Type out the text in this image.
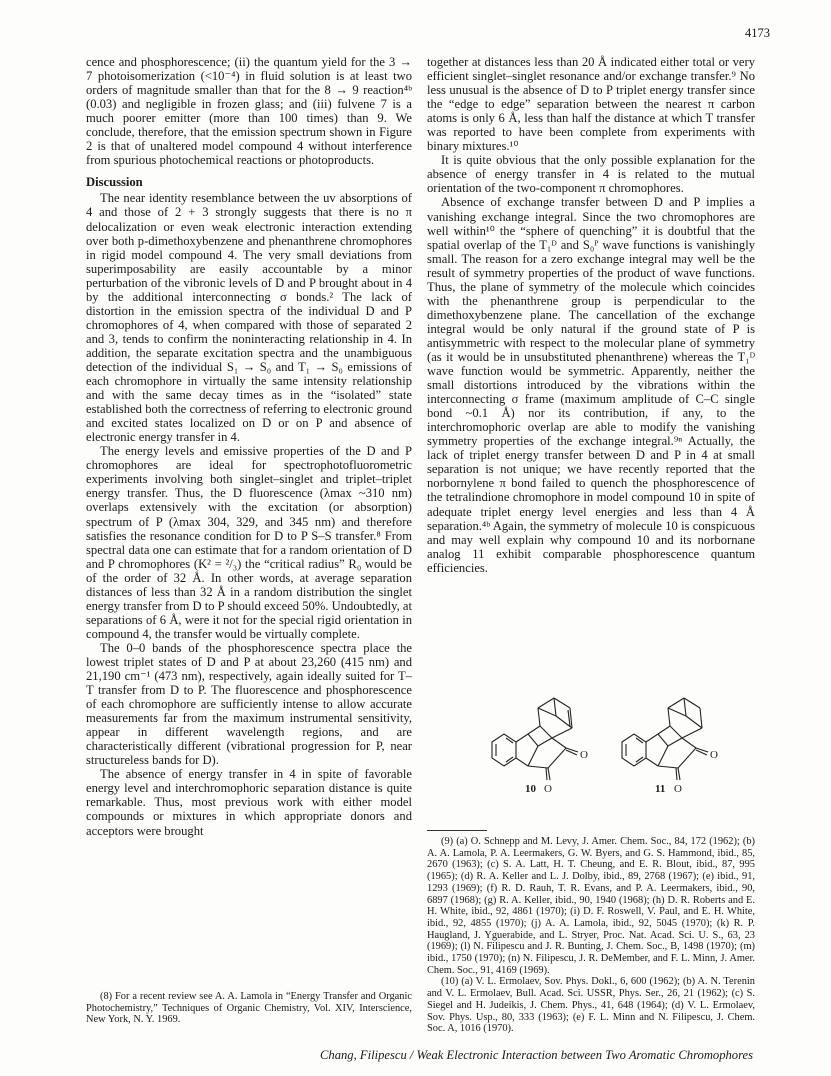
4173

cence and phosphorescence; (ii) the quantum yield for the 3 → 7 photoisomerization (<10⁻⁴) in fluid solution is at least two orders of magnitude smaller than that for the 8 → 9 reaction⁴ᵇ (0.03) and negligible in frozen glass; and (iii) fulvene 7 is a much poorer emitter (more than 100 times) than 9. We conclude, therefore, that the emission spectrum shown in Figure 2 is that of unaltered model compound 4 without interference from spurious photochemical reactions or photoproducts.

Discussion

The near identity resemblance between the uv absorptions of 4 and those of 2 + 3 strongly suggests that there is no π delocalization or even weak electronic interaction extending over both p-dimethoxybenzene and phenanthrene chromophores in rigid model compound 4. The very small deviations from superimposability are easily accountable by a minor perturbation of the vibronic levels of D and P brought about in 4 by the additional interconnecting σ bonds.² The lack of distortion in the emission spectra of the individual D and P chromophores of 4, when compared with those of separated 2 and 3, tends to confirm the noninteracting relationship in 4. In addition, the separate excitation spectra and the unambiguous detection of the individual S₁ → S₀ and T₁ → S₀ emissions of each chromophore in virtually the same intensity relationship and with the same decay times as in the “isolated” state established both the correctness of referring to electronic ground and excited states localized on D or on P and absence of electronic energy transfer in 4.

The energy levels and emissive properties of the D and P chromophores are ideal for spectrophotofluorometric experiments involving both singlet–singlet and triplet–triplet energy transfer. Thus, the D fluorescence (λmax ~310 nm) overlaps extensively with the excitation (or absorption) spectrum of P (λmax 304, 329, and 345 nm) and therefore satisfies the resonance condition for D to P S–S transfer.⁸ From spectral data one can estimate that for a random orientation of D and P chromophores (K² = ²/₃) the “critical radius” R₀ would be of the order of 32 Å. In other words, at average separation distances of less than 32 Å in a random distribution the singlet energy transfer from D to P should exceed 50%. Undoubtedly, at separations of 6 Å, were it not for the special rigid orientation in compound 4, the transfer would be virtually complete.

The 0–0 bands of the phosphorescence spectra place the lowest triplet states of D and P at about 23,260 (415 nm) and 21,190 cm⁻¹ (473 nm), respectively, again ideally suited for T–T transfer from D to P. The fluorescence and phosphorescence of each chromophore are sufficiently intense to allow accurate measurements far from the maximum instrumental sensitivity, appear in different wavelength regions, and are characteristically different (vibrational progression for P, near structureless bands for D).

The absence of energy transfer in 4 in spite of favorable energy level and interchromophoric separation distance is quite remarkable. Thus, most previous work with either model compounds or mixtures in which appropriate donors and acceptors were brought

(8) For a recent review see A. A. Lamola in “Energy Transfer and Organic Photochemistry,” Techniques of Organic Chemistry, Vol. XIV, Interscience, New York, N. Y. 1969.

together at distances less than 20 Å indicated either total or very efficient singlet–singlet resonance and/or exchange transfer.⁹ No less unusual is the absence of D to P triplet energy transfer since the “edge to edge” separation between the nearest π carbon atoms is only 6 Å, less than half the distance at which T transfer was reported to have been complete from experiments with binary mixtures.¹⁰

It is quite obvious that the only possible explanation for the absence of energy transfer in 4 is related to the mutual orientation of the two-component π chromophores.

Absence of exchange transfer between D and P implies a vanishing exchange integral. Since the two chromophores are well within¹⁰ the “sphere of quenching” it is doubtful that the spatial overlap of the T₁ᴰ and S₀ᴾ wave functions is vanishingly small. The reason for a zero exchange integral may well be the result of symmetry properties of the product of wave functions. Thus, the plane of symmetry of the molecule which coincides with the phenanthrene group is perpendicular to the dimethoxybenzene plane. The cancellation of the exchange integral would be only natural if the ground state of P is antisymmetric with respect to the molecular plane of symmetry (as it would be in unsubstituted phenanthrene) whereas the T₁ᴰ wave function would be symmetric. Apparently, neither the small distortions introduced by the vibrations within the interconnecting σ frame (maximum amplitude of C–C single bond ~0.1 Å) nor its contribution, if any, to the interchromophoric overlap are able to modify the vanishing symmetry properties of the exchange integral.⁹ⁿ Actually, the lack of triplet energy transfer between D and P in 4 at small separation is not unique; we have recently reported that the norbornylene π bond failed to quench the phosphorescence of the tetralindione chromophore in model compound 10 in spite of adequate triplet energy level energies and less than 4 Å separation.⁴ᵇ Again, the symmetry of molecule 10 is conspicuous and may well explain why compound 10 and its norbornane analog 11 exhibit comparable phosphorescence quantum efficiencies.

O
O
10
O
O
11

(9) (a) O. Schnepp and M. Levy, J. Amer. Chem. Soc., 84, 172 (1962); (b) A. A. Lamola, P. A. Leermakers, G. W. Byers, and G. S. Hammond, ibid., 85, 2670 (1963); (c) S. A. Latt, H. T. Cheung, and E. R. Blout, ibid., 87, 995 (1965); (d) R. A. Keller and L. J. Dolby, ibid., 89, 2768 (1967); (e) ibid., 91, 1293 (1969); (f) R. D. Rauh, T. R. Evans, and P. A. Leermakers, ibid., 90, 6897 (1968); (g) R. A. Keller, ibid., 90, 1940 (1968); (h) D. R. Roberts and E. H. White, ibid., 92, 4861 (1970); (i) D. F. Roswell, V. Paul, and E. H. White, ibid., 92, 4855 (1970); (j) A. A. Lamola, ibid., 92, 5045 (1970); (k) R. P. Haugland, J. Yguerabide, and L. Stryer, Proc. Nat. Acad. Sci. U. S., 63, 23 (1969); (l) N. Filipescu and J. R. Bunting, J. Chem. Soc., B, 1498 (1970); (m) ibid., 1750 (1970); (n) N. Filipescu, J. R. DeMember, and F. L. Minn, J. Amer. Chem. Soc., 91, 4169 (1969).

(10) (a) V. L. Ermolaev, Sov. Phys. Dokl., 6, 600 (1962); (b) A. N. Terenin and V. L. Ermolaev, Bull. Acad. Sci. USSR, Phys. Ser., 26, 21 (1962); (c) S. Siegel and H. Judeikis, J. Chem. Phys., 41, 648 (1964); (d) V. L. Ermolaev, Sov. Phys. Usp., 80, 333 (1963); (e) F. L. Minn and N. Filipescu, J. Chem. Soc. A, 1016 (1970).

Chang, Filipescu / Weak Electronic Interaction between Two Aromatic Chromophores
